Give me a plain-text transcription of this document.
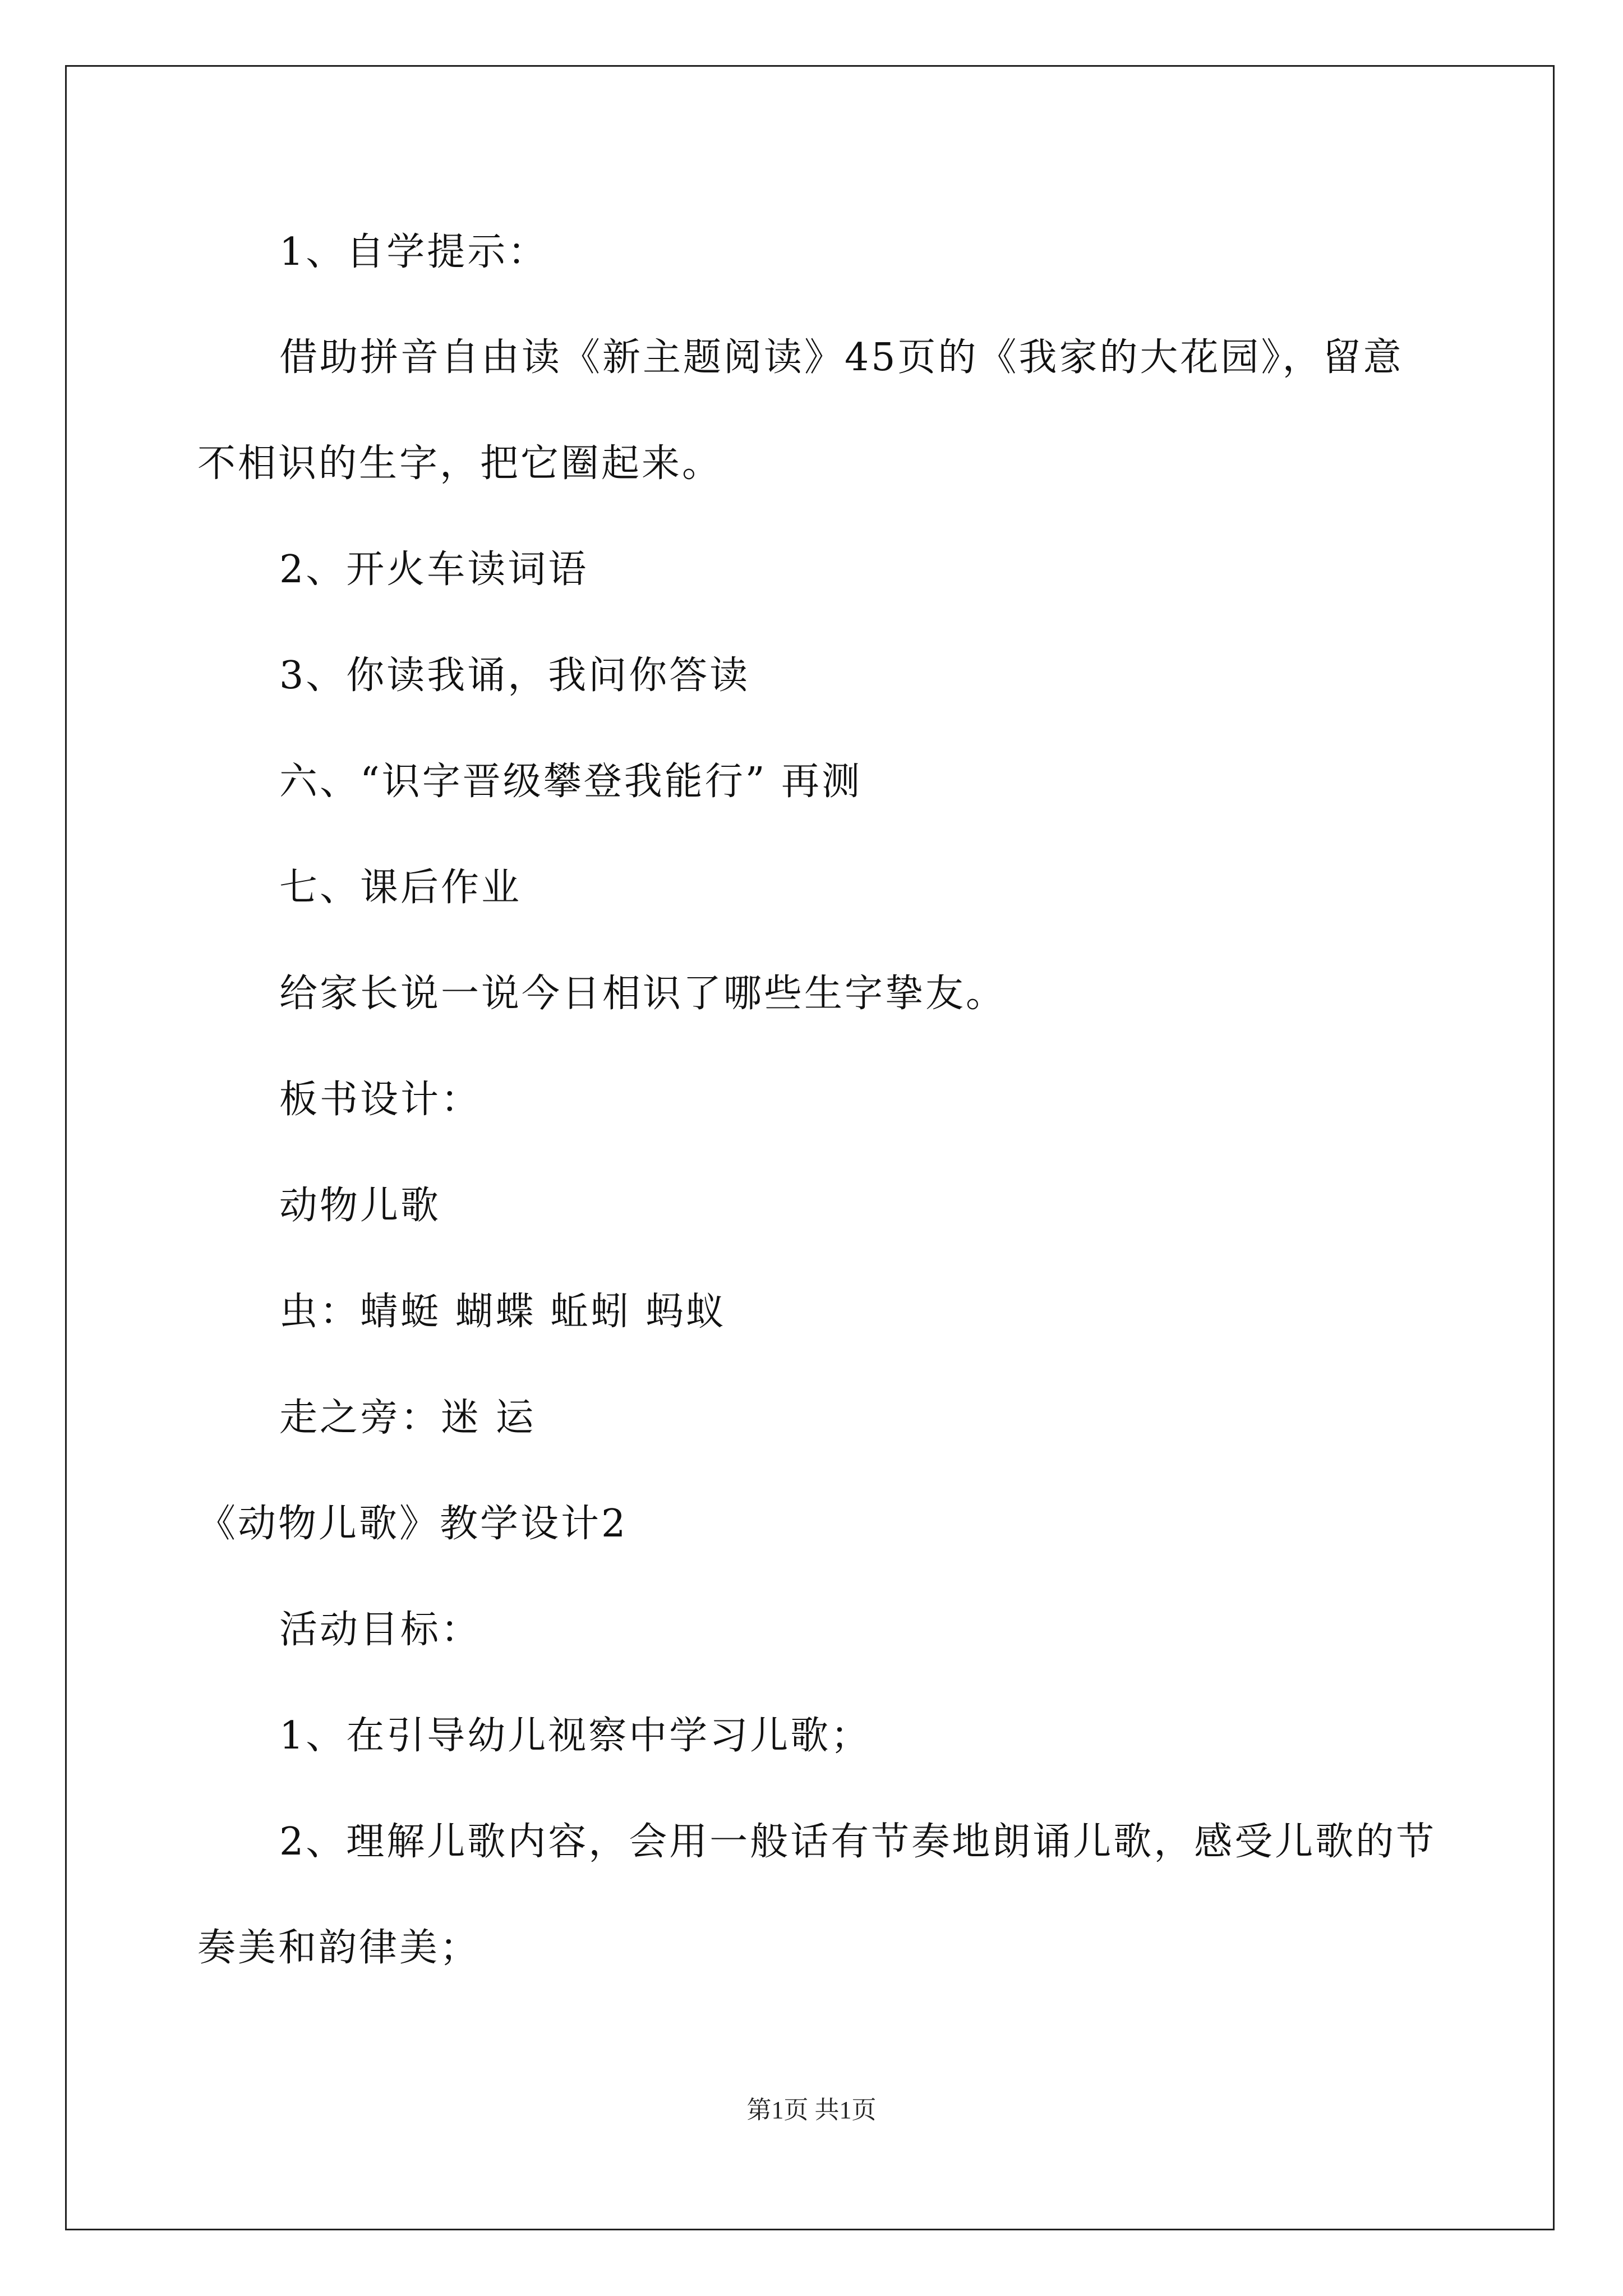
1、自学提示：
借助拼音自由读《新主题阅读》45页的《我家的大花园》，留意
不相识的生字，把它圈起来。
2、开火车读词语
3、你读我诵，我问你答读
六、“识字晋级攀登我能行” 再测
七、课后作业
给家长说一说今日相识了哪些生字挚友。
板书设计：
动物儿歌
虫：蜻蜓 蝴蝶 蚯蚓 蚂蚁
走之旁：迷 运
《动物儿歌》教学设计2
活动目标：
1、在引导幼儿视察中学习儿歌；
2、理解儿歌内容，会用一般话有节奏地朗诵儿歌，感受儿歌的节
奏美和韵律美；
第1页 共1页
